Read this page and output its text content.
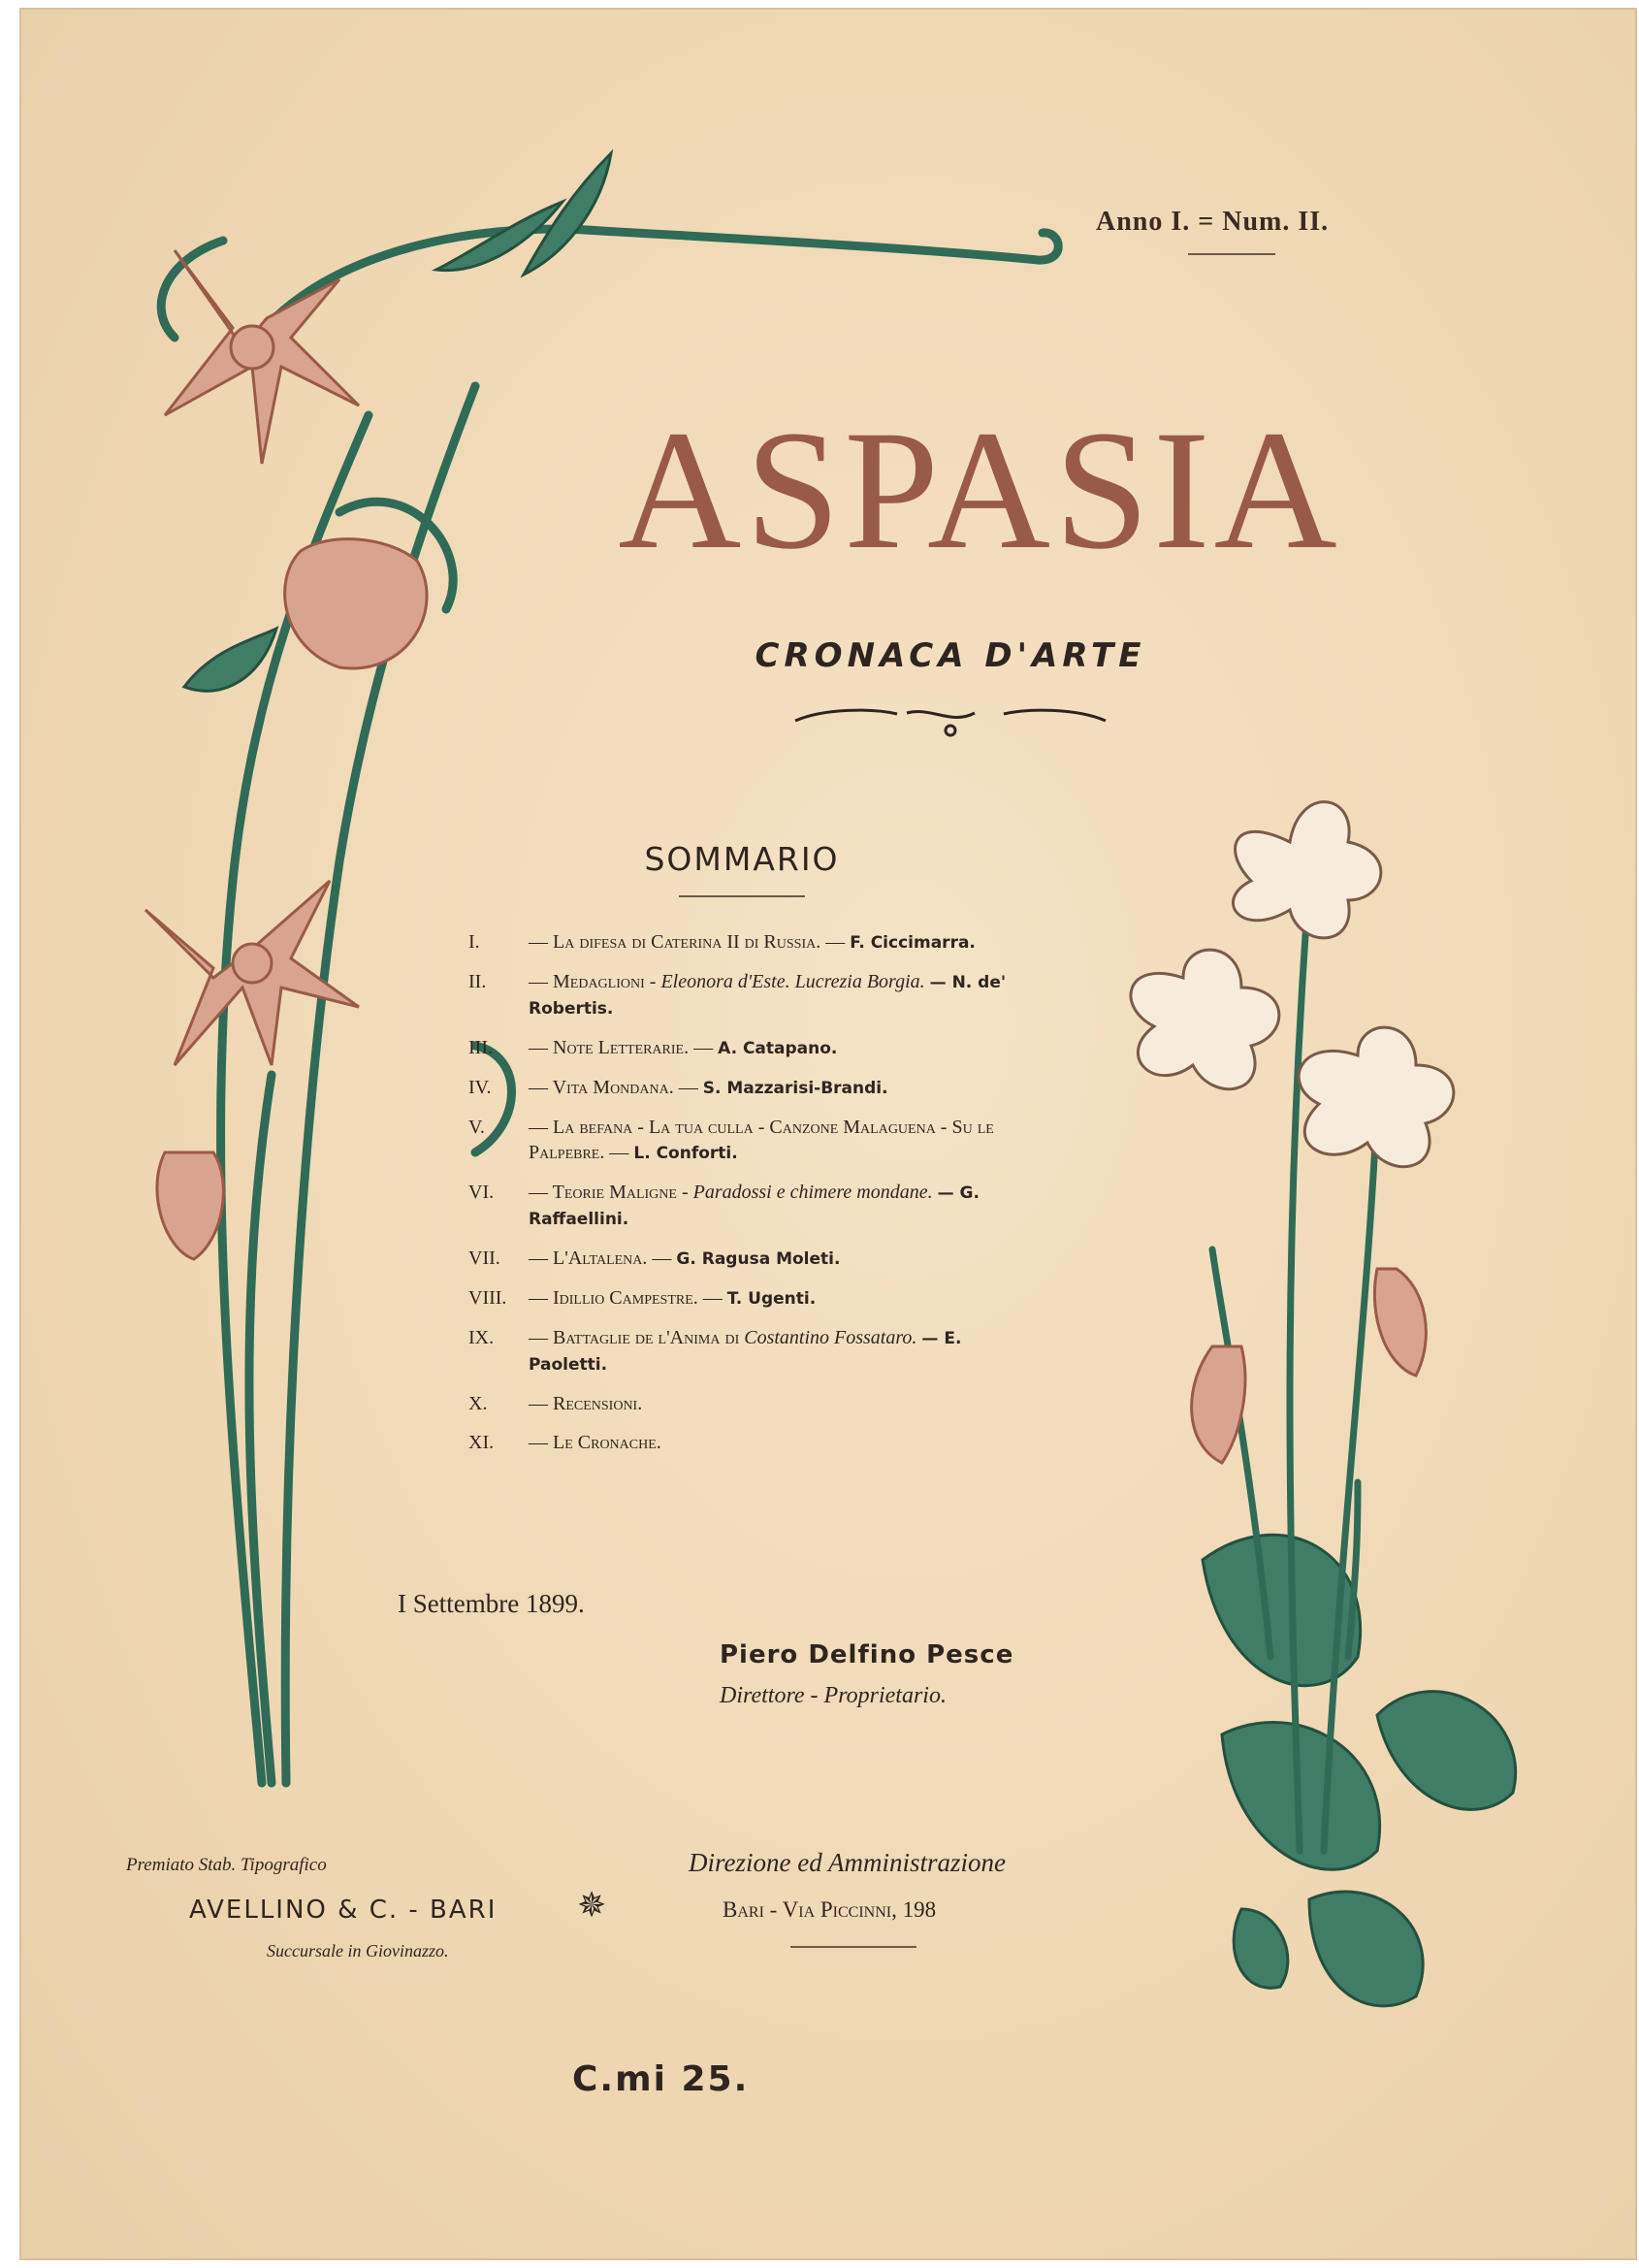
Anno I. = Num. II.
ASPASIA
CRONACA D'ARTE
SOMMARIO
I.	— La difesa di Caterina II di Russia. — F. Ciccimarra.
II.	— Medaglioni - Eleonora d'Este. Lucrezia Borgia. — N. de' Robertis.
III.	— Note Letterarie. — A. Catapano.
IV.	— Vita Mondana. — S. Mazzarisi-Brandi.
V.	— La befana - La tua culla - Canzone Malaguena - Su le Palpebre. — L. Conforti.
VI.	— Teorie Maligne - Paradossi e chimere mondane. — G. Raffaellini.
VII.	— L'Altalena. — G. Ragusa Moleti.
VIII.	— Idillio Campestre. — T. Ugenti.
IX.	— Battaglie de l'Anima di Costantino Fossataro. — E. Paoletti.
X.	— Recensioni.
XI.	— Le Cronache.
I Settembre 1899.
Piero Delfino Pesce
Direttore - Proprietario.
Premiato Stab. Tipografico
AVELLINO & C. - BARI
Succursale in Giovinazzo.
✵
Direzione ed Amministrazione
Bari - Via Piccinni, 198
C.mi 25.
